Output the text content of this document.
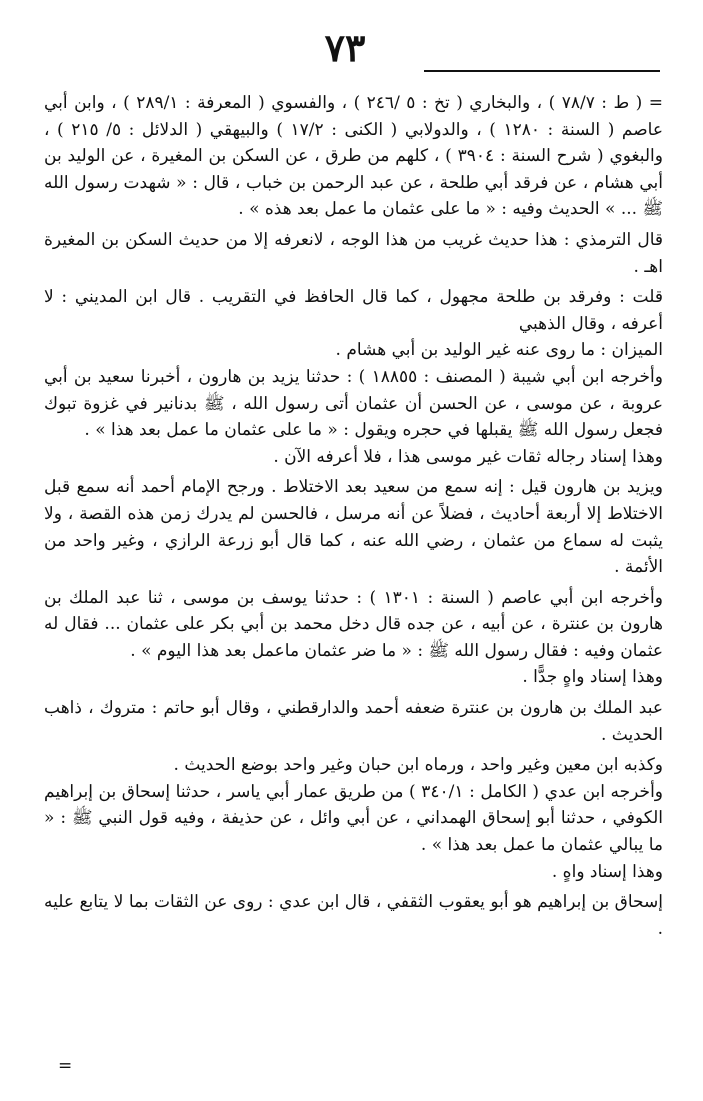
٧٣

= ( ط : ٧٨/٧ ) ، والبخاري ( تخ : ٥ /٢٤٦ ) ، والفسوي ( المعرفة : ٢٨٩/١ ) ، وابن أبي عاصم ( السنة : ١٢٨٠ ) ، والدولابي ( الكنى : ١٧/٢ ) والبيهقي ( الدلائل : ٥/ ٢١٥ ) ، والبغوي ( شرح السنة : ٣٩٠٤ ) ، كلهم من طرق ، عن السكن بن المغيرة ، عن الوليد بن أبي هشام ، عن فرقد أبي طلحة ، عن عبد الرحمن بن خباب ، قال : « شهدت رسول الله ﷺ ... » الحديث وفيه : « ما على عثمان ما عمل بعد هذه » .

قال الترمذي : هذا حديث غريب من هذا الوجه ، لانعرفه إلا من حديث السكن بن المغيرة اهـ .

قلت : وفرقد بن طلحة مجهول ، كما قال الحافظ في التقريب . قال ابن المديني : لا أعرفه ، وقال الذهبي

الميزان : ما روى عنه غير الوليد بن أبي هشام .

وأخرجه ابن أبي شيبة ( المصنف : ١٨٨٥٥ ) : حدثنا يزيد بن هارون ، أخبرنا سعيد بن أبي عروبة ، عن موسى ، عن الحسن أن عثمان أتى رسول الله ، ﷺ بدنانير في غزوة تبوك فجعل رسول الله ﷺ يقبلها في حجره ويقول : « ما على عثمان ما عمل بعد هذا » .

وهذا إسناد رجاله ثقات غير موسى هذا ، فلا أعرفه الآن .

ويزيد بن هارون قيل : إنه سمع من سعيد بعد الاختلاط . ورجح الإمام أحمد أنه سمع قبل الاختلاط إلا أربعة أحاديث ، فضلاً عن أنه مرسل ، فالحسن لم يدرك زمن هذه القصة ، ولا يثبت له سماع من عثمان ، رضي الله عنه ، كما قال أبو زرعة الرازي ، وغير واحد من الأئمة .

وأخرجه ابن أبي عاصم ( السنة : ١٣٠١ ) : حدثنا يوسف بن موسى ، ثنا عبد الملك بن هارون بن عنترة ، عن أبيه ، عن جده قال دخل محمد بن أبي بكر على عثمان ... فقال له عثمان وفيه : فقال رسول الله ﷺ : « ما ضر عثمان ماعمل بعد هذا اليوم » .

وهذا إسناد واهٍ جدًّا .

عبد الملك بن هارون بن عنترة ضعفه أحمد والدارقطني ، وقال أبو حاتم : متروك ، ذاهب الحديث .

وكذبه ابن معين وغير واحد ، ورماه ابن حبان وغير واحد بوضع الحديث .

وأخرجه ابن عدي ( الكامل : ٣٤٠/١ ) من طريق عمار أبي ياسر ، حدثنا إسحاق بن إبراهيم الكوفي ، حدثنا أبو إسحاق الهمداني ، عن أبي وائل ، عن حذيفة ، وفيه قول النبي ﷺ : « ما يبالي عثمان ما عمل بعد هذا » .

وهذا إسناد واهٍ .

إسحاق بن إبراهيم هو أبو يعقوب الثقفي ، قال ابن عدي : روى عن الثقات بما لا يتابع عليه .

=
